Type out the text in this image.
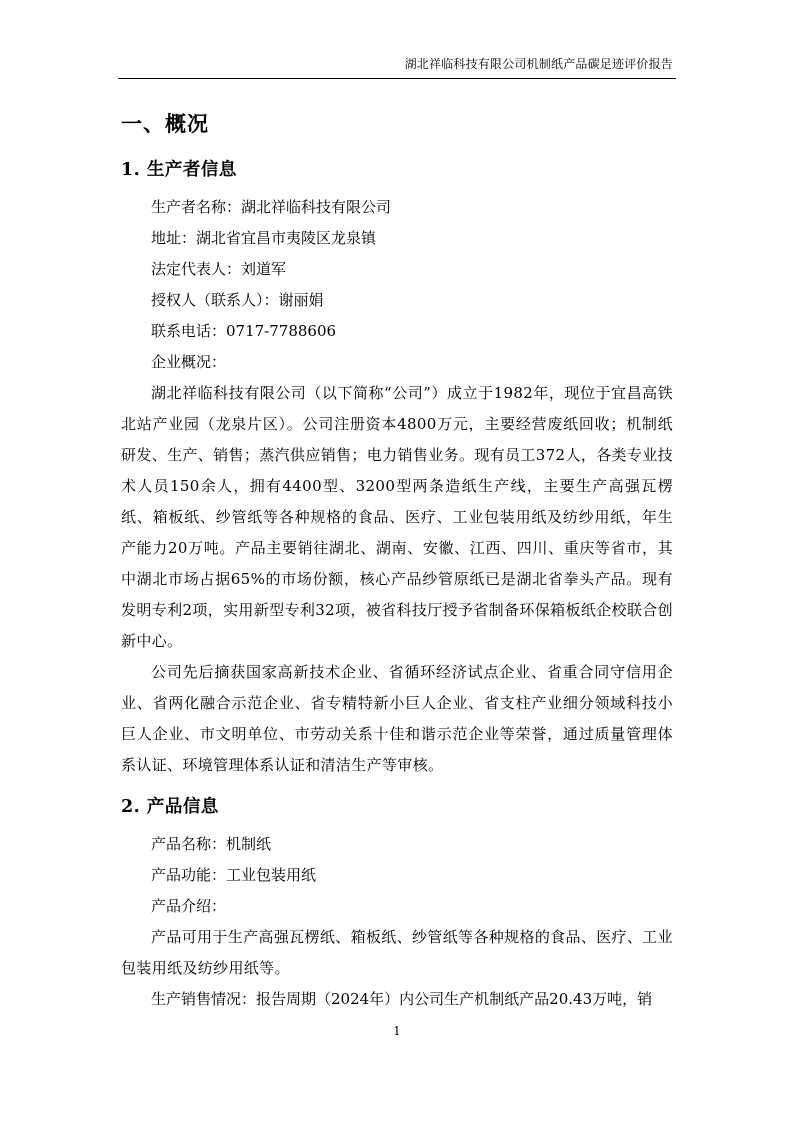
湖北祥临科技有限公司机制纸产品碳足迹评价报告
一、概况
1. 生产者信息

生产者名称：湖北祥临科技有限公司

地址：湖北省宜昌市夷陵区龙泉镇

法定代表人：刘道军

授权人（联系人）：谢丽娟

联系电话：0717-7788606

企业概况：

湖北祥临科技有限公司（以下简称“公司”）成立于1982年，现位于宜昌高铁北站产业园（龙泉片区）。公司注册资本4800万元，主要经营废纸回收；机制纸研发、生产、销售；蒸汽供应销售；电力销售业务。现有员工372人，各类专业技术人员150余人，拥有4400型、3200型两条造纸生产线，主要生产高强瓦楞纸、箱板纸、纱管纸等各种规格的食品、医疗、工业包装用纸及纺纱用纸，年生产能力20万吨。产品主要销往湖北、湖南、安徽、江西、四川、重庆等省市，其中湖北市场占据65%的市场份额，核心产品纱管原纸已是湖北省拳头产品。现有发明专利2项，实用新型专利32项，被省科技厅授予省制备环保箱板纸企校联合创新中心。

公司先后摘获国家高新技术企业、省循环经济试点企业、省重合同守信用企业、省两化融合示范企业、省专精特新小巨人企业、省支柱产业细分领域科技小巨人企业、市文明单位、市劳动关系十佳和谐示范企业等荣誉，通过质量管理体系认证、环境管理体系认证和清洁生产等审核。

2. 产品信息

产品名称：机制纸

产品功能：工业包装用纸

产品介绍：

产品可用于生产高强瓦楞纸、箱板纸、纱管纸等各种规格的食品、医疗、工业包装用纸及纺纱用纸等。

生产销售情况：报告周期（2024年）内公司生产机制纸产品20.43万吨，销

1
